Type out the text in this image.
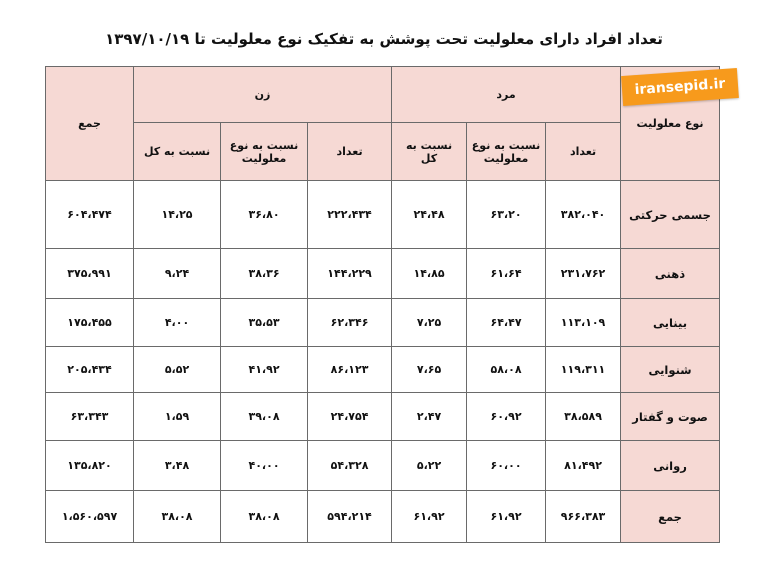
تعداد افراد دارای معلولیت تحت پوشش به تفکیک نوع معلولیت تا ۱۳۹۷/۱۰/۱۹
نوع معلولیت	مرد			زن			جمع
	تعداد	نسبت به نوع معلولیت	نسبت به کل	تعداد	نسبت به نوع معلولیت	نسبت به کل	
جسمی حرکتی	۳۸۲،۰۴۰	۶۳،۲۰	۲۴،۴۸	۲۲۲،۴۳۴	۳۶،۸۰	۱۴،۲۵	۶۰۴،۴۷۴
ذهنی	۲۳۱،۷۶۲	۶۱،۶۴	۱۴،۸۵	۱۴۴،۲۲۹	۳۸،۳۶	۹،۲۴	۳۷۵،۹۹۱
بینایی	۱۱۳،۱۰۹	۶۴،۴۷	۷،۲۵	۶۲،۳۴۶	۳۵،۵۳	۴،۰۰	۱۷۵،۴۵۵
شنوایی	۱۱۹،۳۱۱	۵۸،۰۸	۷،۶۵	۸۶،۱۲۳	۴۱،۹۲	۵،۵۲	۲۰۵،۴۳۴
صوت و گفتار	۳۸،۵۸۹	۶۰،۹۲	۲،۴۷	۲۴،۷۵۴	۳۹،۰۸	۱،۵۹	۶۳،۳۴۳
روانی	۸۱،۴۹۲	۶۰،۰۰	۵،۲۲	۵۴،۳۲۸	۴۰،۰۰	۳،۴۸	۱۳۵،۸۲۰
جمع	۹۶۶،۳۸۳	۶۱،۹۲	۶۱،۹۲	۵۹۴،۲۱۴	۳۸،۰۸	۳۸،۰۸	۱،۵۶۰،۵۹۷
iransepid.ir
